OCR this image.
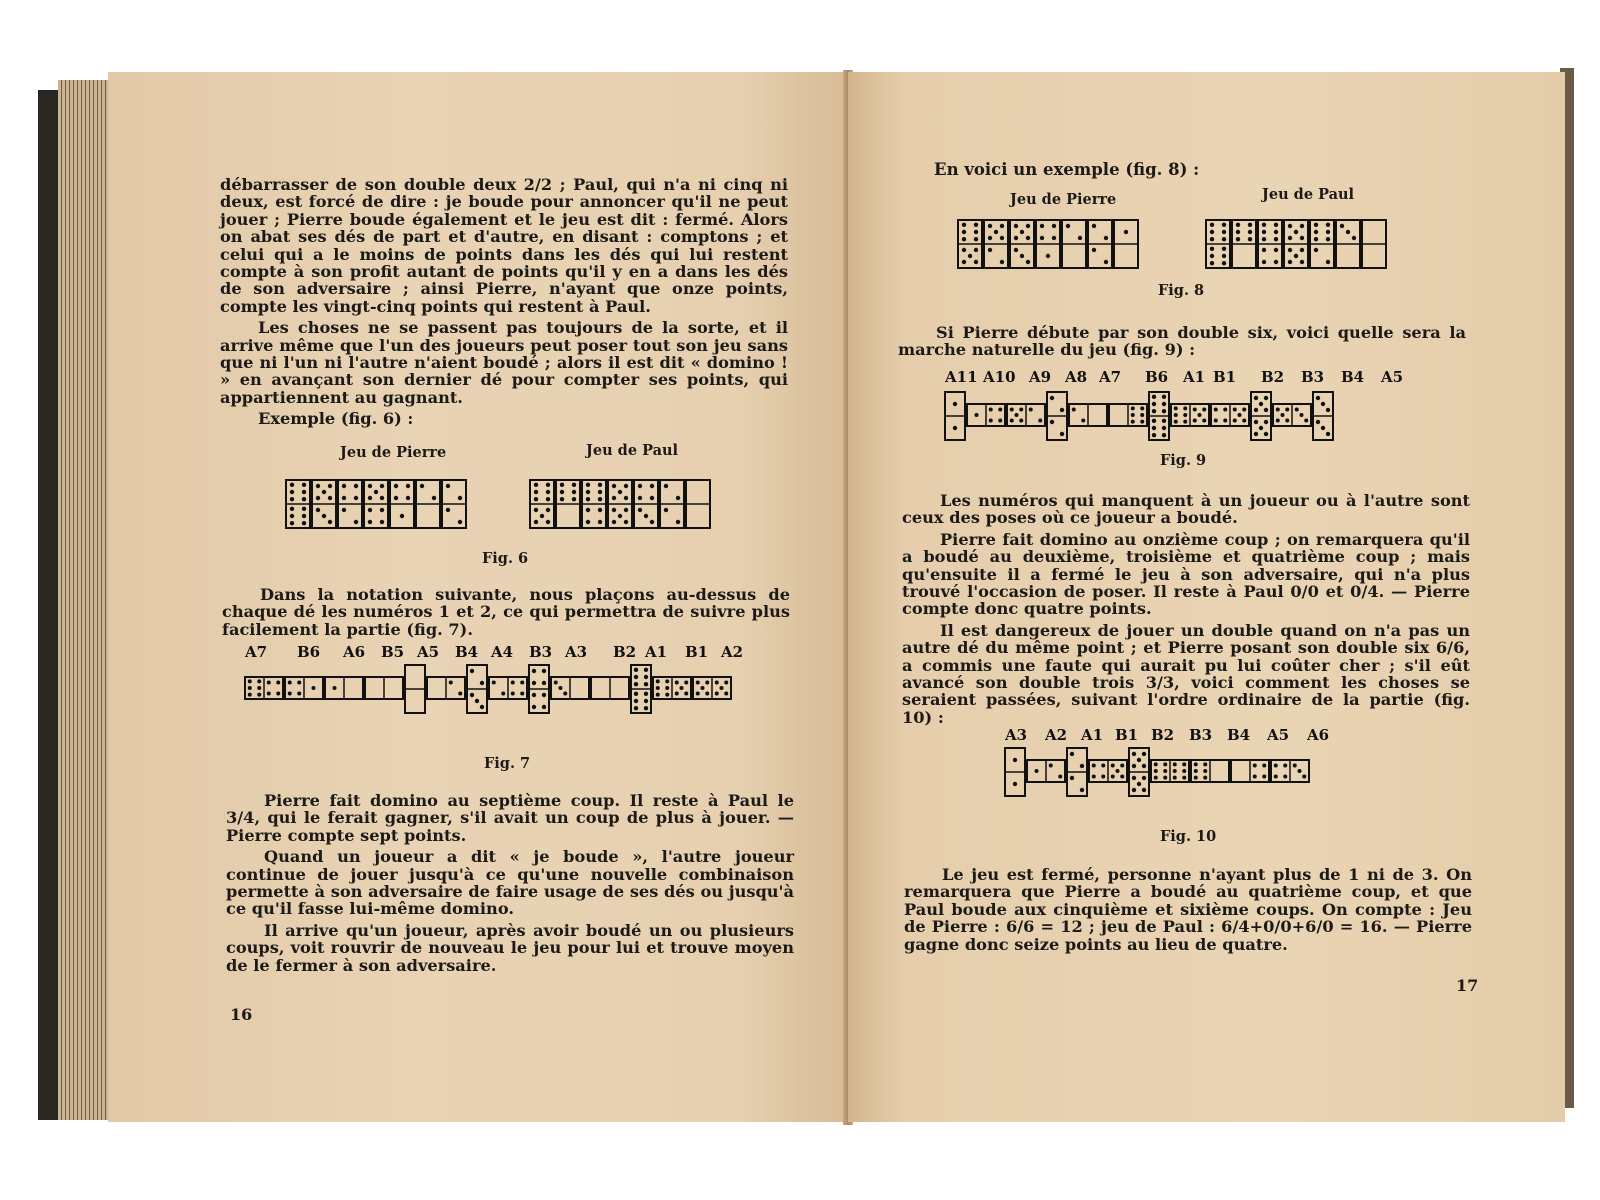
débarrasser de son double deux 2/2 ; Paul, qui n'a ni cinq ni deux, est forcé de dire : je boude pour annoncer qu'il ne peut jouer ; Pierre boude également et le jeu est dit : fermé. Alors on abat ses dés de part et d'autre, en disant : comptons ; et celui qui a le moins de points dans les dés qui lui restent compte à son profit autant de points qu'il y en a dans les dés de son adversaire ; ainsi Pierre, n'ayant que onze points, compte les vingt-cinq points qui restent à Paul.

Les choses ne se passent pas toujours de la sorte, et il arrive même que l'un des joueurs peut poser tout son jeu sans que ni l'un ni l'autre n'aient boudé ; alors il est dit « domino ! » en avançant son dernier dé pour compter ses points, qui appartiennent au gagnant.

Exemple (fig. 6) :

Jeu de Pierre	Jeu de Paul
Fig. 6
Dans la notation suivante, nous plaçons au-dessus de chaque dé les numéros 1 et 2, ce qui permettra de suivre plus facilement la partie (fig. 7).
A7 B6 A6 B5 A5 B4 A4 B3 A3 B2 A1 B1 A2
Fig. 7

Pierre fait domino au septième coup. Il reste à Paul le 3/4, qui le ferait gagner, s'il avait un coup de plus à jouer. — Pierre compte sept points.

Quand un joueur a dit « je boude », l'autre joueur continue de jouer jusqu'à ce qu'une nouvelle combinaison permette à son adversaire de faire usage de ses dés ou jusqu'à ce qu'il fasse lui-même domino.

Il arrive qu'un joueur, après avoir boudé un ou plusieurs coups, voit rouvrir de nouveau le jeu pour lui et trouve moyen de le fermer à son adversaire.

16
En voici un exemple (fig. 8) :
Jeu de Pierre	Jeu de Paul
Fig. 8
Si Pierre débute par son double six, voici quelle sera la marche naturelle du jeu (fig. 9) :
A11 A10 A9 A8 A7 B6 A1 B1 B2 B3 B4 A5
Fig. 9

Les numéros qui manquent à un joueur ou à l'autre sont ceux des poses où ce joueur a boudé.

Pierre fait domino au onzième coup ; on remarquera qu'il a boudé au deuxième, troisième et quatrième coup ; mais qu'ensuite il a fermé le jeu à son adversaire, qui n'a plus trouvé l'occasion de poser. Il reste à Paul 0/0 et 0/4. — Pierre compte donc quatre points.

Il est dangereux de jouer un double quand on n'a pas un autre dé du même point ; et Pierre posant son double six 6/6, a commis une faute qui aurait pu lui coûter cher ; s'il eût avancé son double trois 3/3, voici comment les choses se seraient passées, suivant l'ordre ordinaire de la partie (fig. 10) :

A3 A2 A1 B1 B2 B3 B4 A5 A6
Fig. 10
Le jeu est fermé, personne n'ayant plus de 1 ni de 3. On remarquera que Pierre a boudé au quatrième coup, et que Paul boude aux cinquième et sixième coups. On compte : Jeu de Pierre : 6/6 = 12 ; jeu de Paul : 6/4+0/0+6/0 = 16. — Pierre gagne donc seize points au lieu de quatre.
17
